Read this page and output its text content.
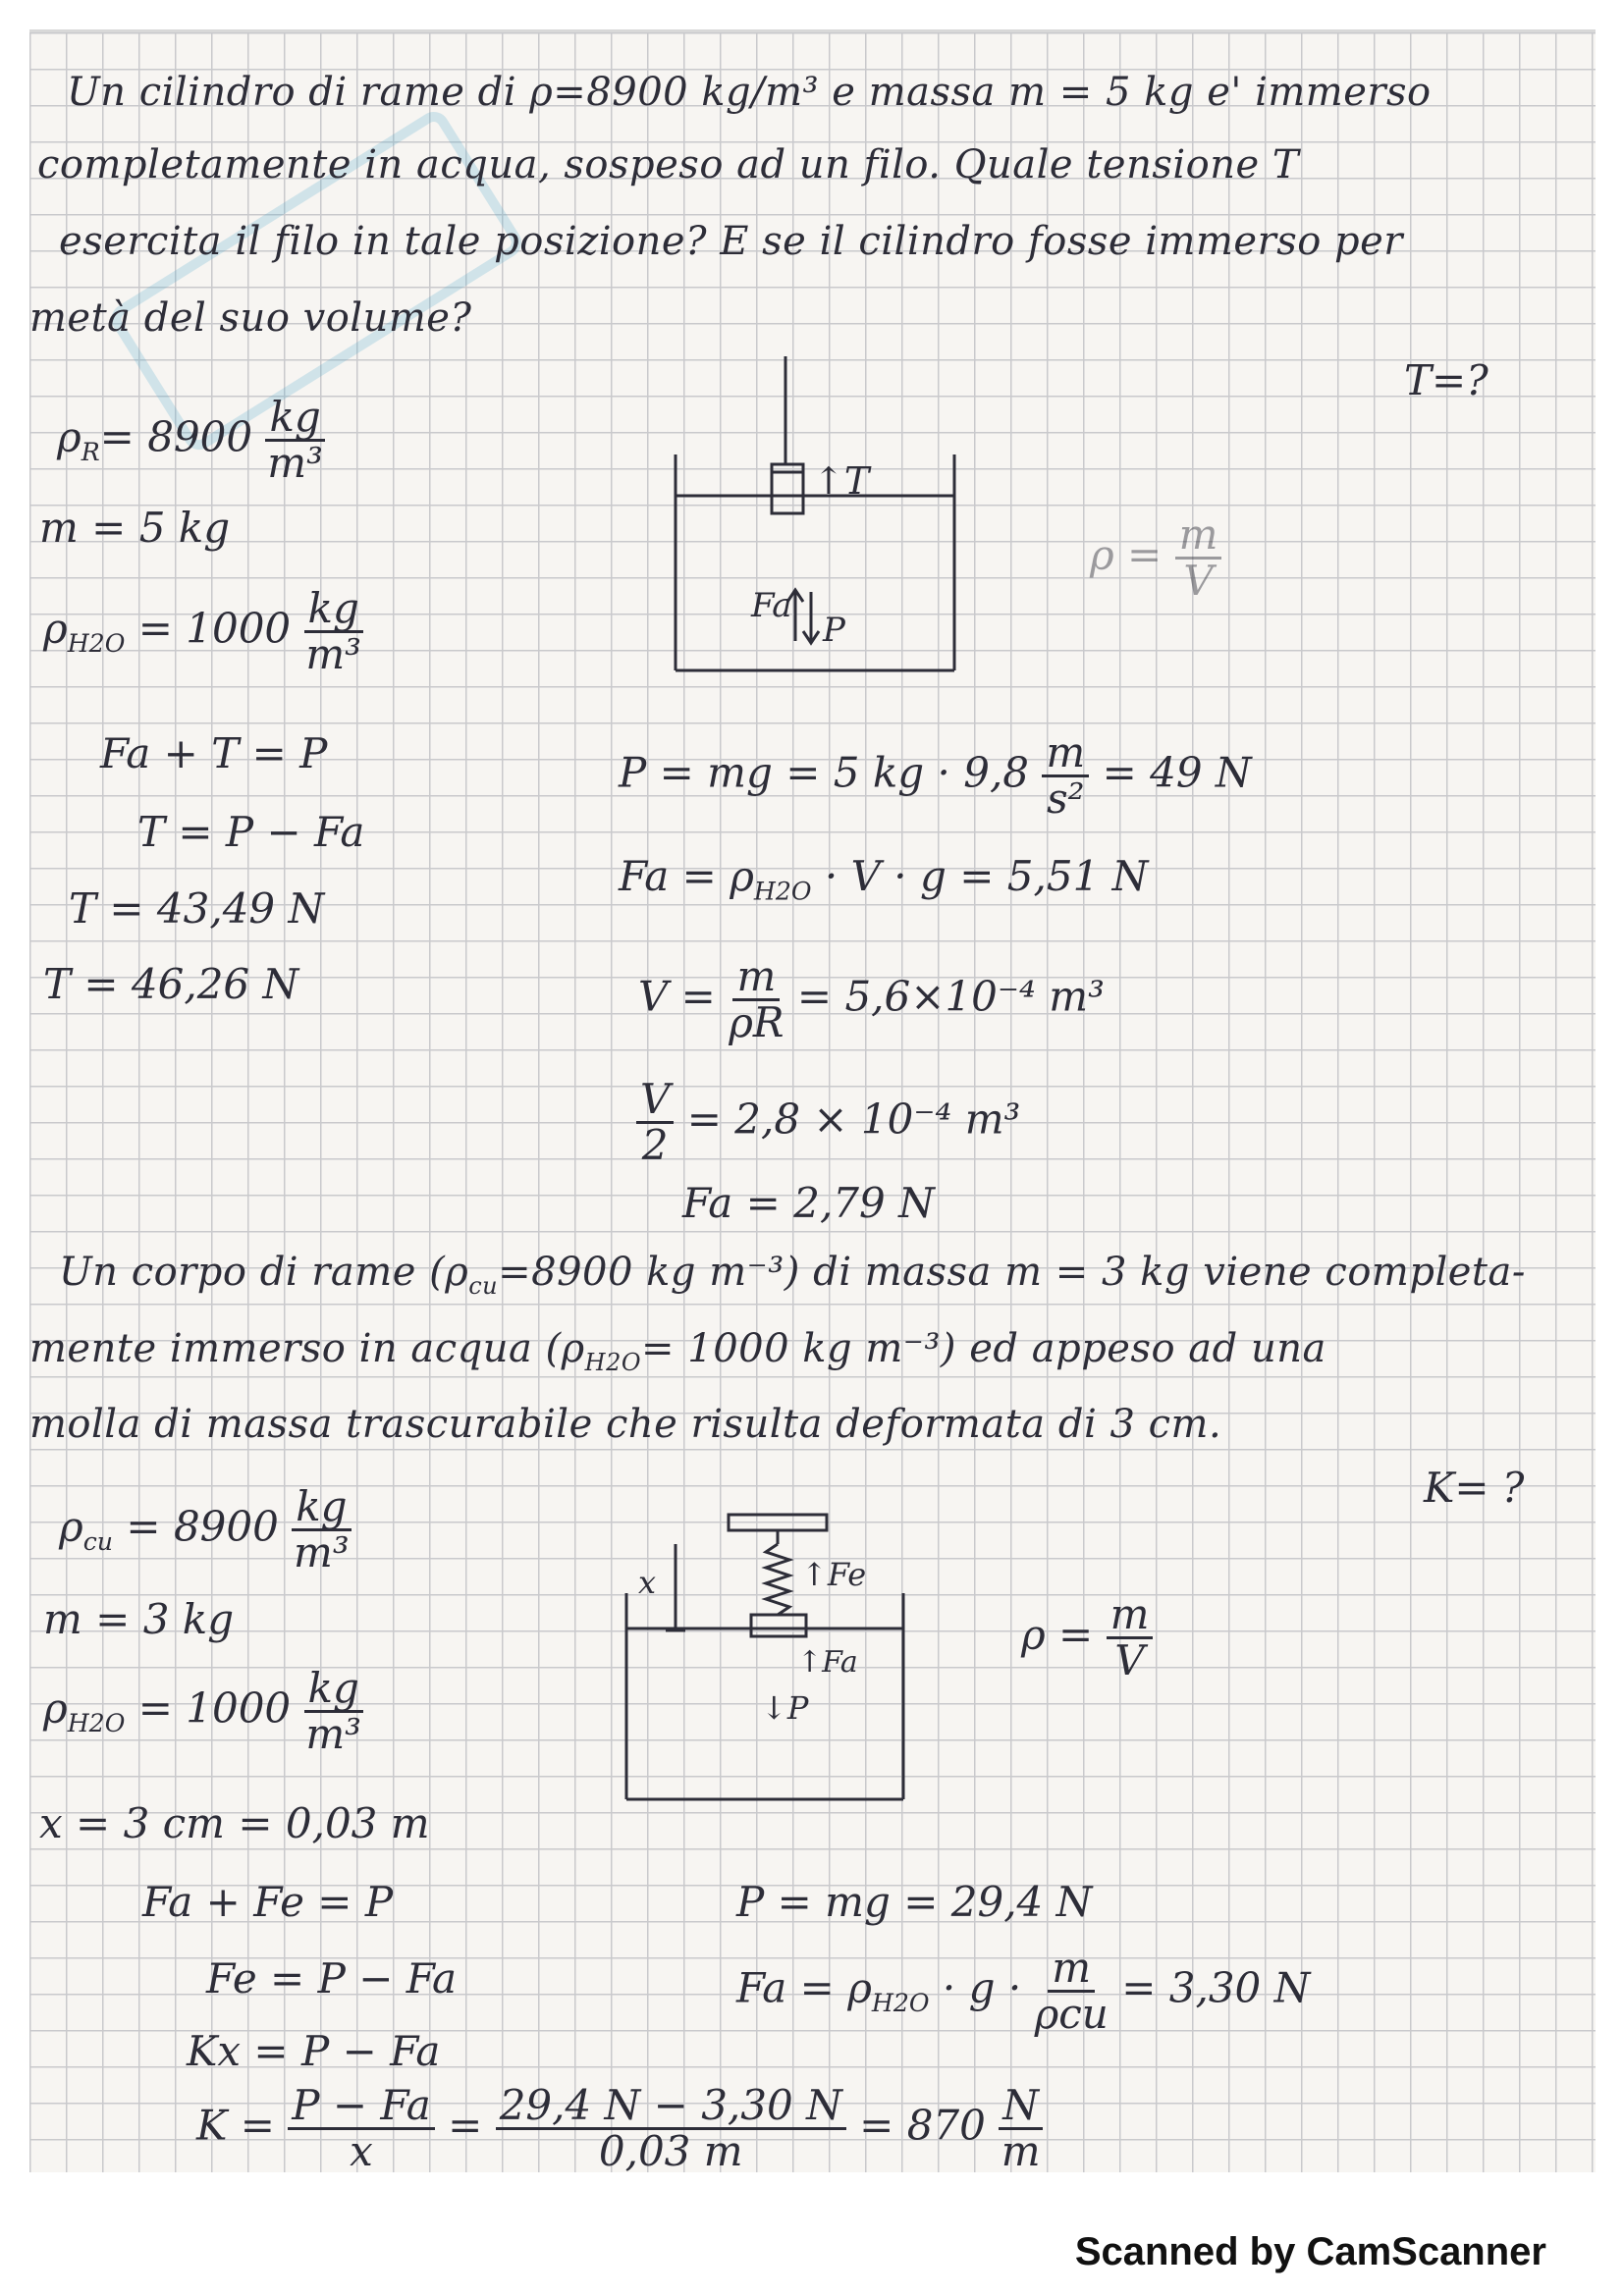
Un cilindro di rame di ρ=8900 kg/m³ e massa m = 5 kg e' immerso
completamente in acqua, sospeso ad un filo. Quale tensione T
esercita il filo in tale posizione? E se il cilindro fosse immerso per
metà del suo volume?
T=?
$\rho_R= 8900 \frac{kg}{\text{m³}}$
m = 5 kg
$\rho_{H2O} = 1000 \frac{kg}{\text{m³}}$
↑T
Fa
P
$\rho = \frac{m}{V}$
Fa + T = P
T = P − Fa
T = 43,49 N
T = 46,26 N
P = mg = 5 kg · $9,8 \frac{m}{\text{s²}} = 49$ N
$Fa = \rho_{H2O} \cdot V \cdot g = 5,51$ N
$V = \frac{m}{\rho R} = 5,6\times 10^{-4}$ m³
$\frac{V}{2} = 2,8 \times 10^{-4}$ m³
Fa = 2,79 N
Un corpo di rame ($\rho_{cu}=8900$ kg m⁻³) di massa m = 3 kg viene completa-
mente immerso in acqua ($\rho_{H2O}= 1000$ kg m⁻³) ed appeso ad una
molla di massa trascurabile che risulta deformata di 3 cm.
K= ?
$\rho_{cu} = 8900 \frac{kg}{\text{m³}}$
m = 3 kg
$\rho_{H2O} = 1000 \frac{kg}{\text{m³}}$
x = 3 cm = 0,03 m
x	↑Fe
↑Fa
↓P
$\rho = \frac{m}{V}$
Fa + Fe = P
Fe = P − Fa
Kx = P − Fa
P = mg = 29,4 N
$Fa = \rho_{H2O} \cdot g \cdot \frac{m}{\text{ρcu}} = 3,30$ N
$K = \frac{P - Fa}{x} = \frac{29,4 N - 3,30 N}{0,03 m} = 870 \frac{N}{m}$
Scanned by CamScanner
